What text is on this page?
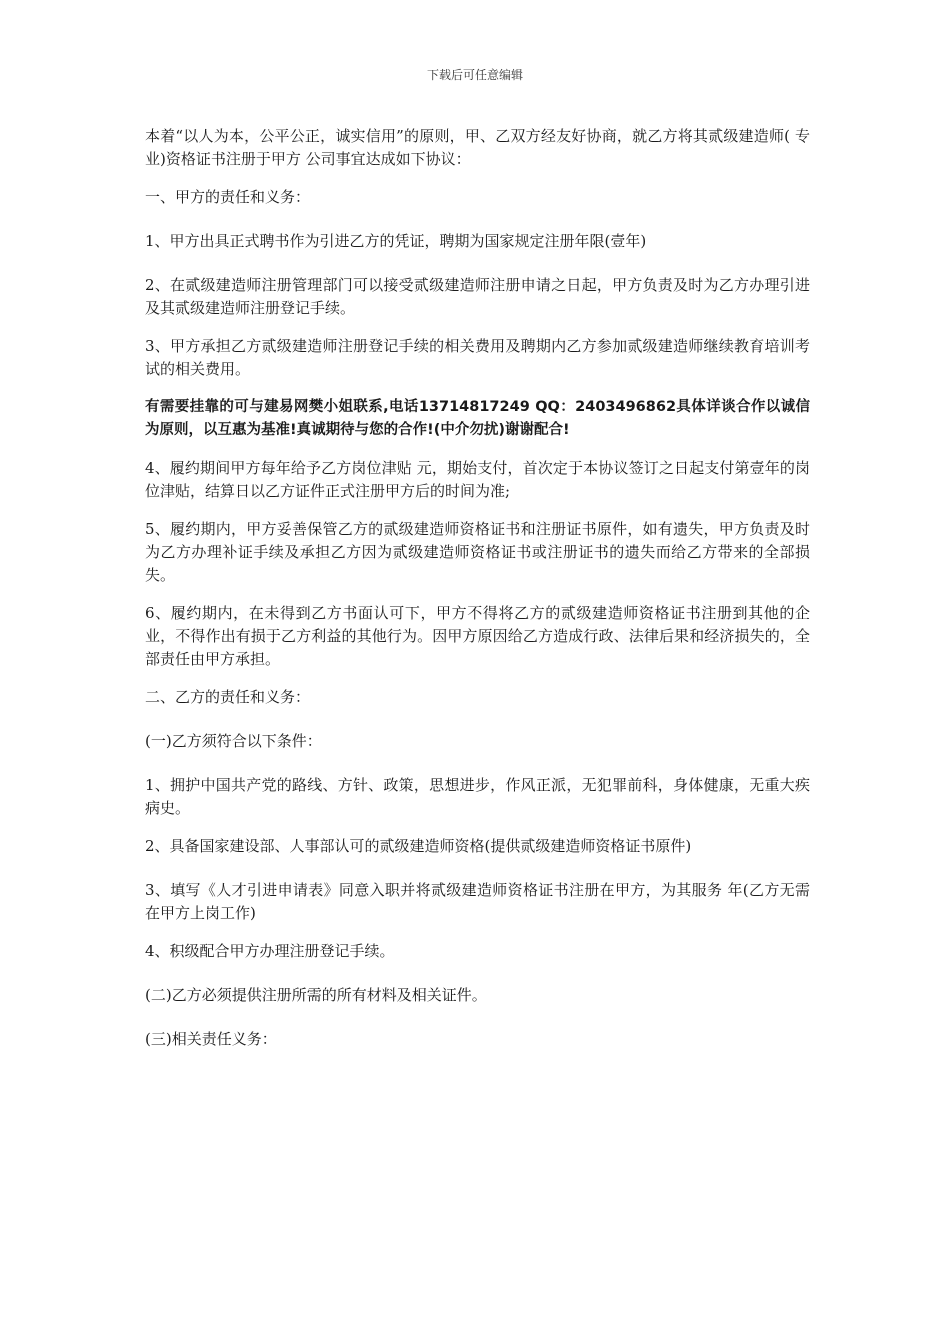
下载后可任意编辑

本着“以人为本，公平公正，诚实信用”的原则，甲、乙双方经友好协商，就乙方将其贰级建造师( 专业)资格证书注册于甲方 公司事宜达成如下协议：

一、甲方的责任和义务：

1、甲方出具正式聘书作为引进乙方的凭证，聘期为国家规定注册年限(壹年)

2、在贰级建造师注册管理部门可以接受贰级建造师注册申请之日起，甲方负责及时为乙方办理引进及其贰级建造师注册登记手续。

3、甲方承担乙方贰级建造师注册登记手续的相关费用及聘期内乙方参加贰级建造师继续教育培训考试的相关费用。

有需要挂靠的可与建易网樊小姐联系,电话13714817249 QQ：2403496862具体详谈合作以诚信为原则，以互惠为基准!真诚期待与您的合作!(中介勿扰)谢谢配合!

4、履约期间甲方每年给予乙方岗位津贴 元，期始支付，首次定于本协议签订之日起支付第壹年的岗位津贴，结算日以乙方证件正式注册甲方后的时间为准;

5、履约期内，甲方妥善保管乙方的贰级建造师资格证书和注册证书原件，如有遗失，甲方负责及时为乙方办理补证手续及承担乙方因为贰级建造师资格证书或注册证书的遗失而给乙方带来的全部损失。

6、履约期内，在未得到乙方书面认可下，甲方不得将乙方的贰级建造师资格证书注册到其他的企业，不得作出有损于乙方利益的其他行为。因甲方原因给乙方造成行政、法律后果和经济损失的，全部责任由甲方承担。

二、乙方的责任和义务：

(一)乙方须符合以下条件：

1、拥护中国共产党的路线、方针、政策，思想进步，作风正派，无犯罪前科，身体健康，无重大疾病史。

2、具备国家建设部、人事部认可的贰级建造师资格(提供贰级建造师资格证书原件)

3、填写《人才引进申请表》同意入职并将贰级建造师资格证书注册在甲方，为其服务 年(乙方无需在甲方上岗工作)

4、积级配合甲方办理注册登记手续。

(二)乙方必须提供注册所需的所有材料及相关证件。

(三)相关责任义务：
